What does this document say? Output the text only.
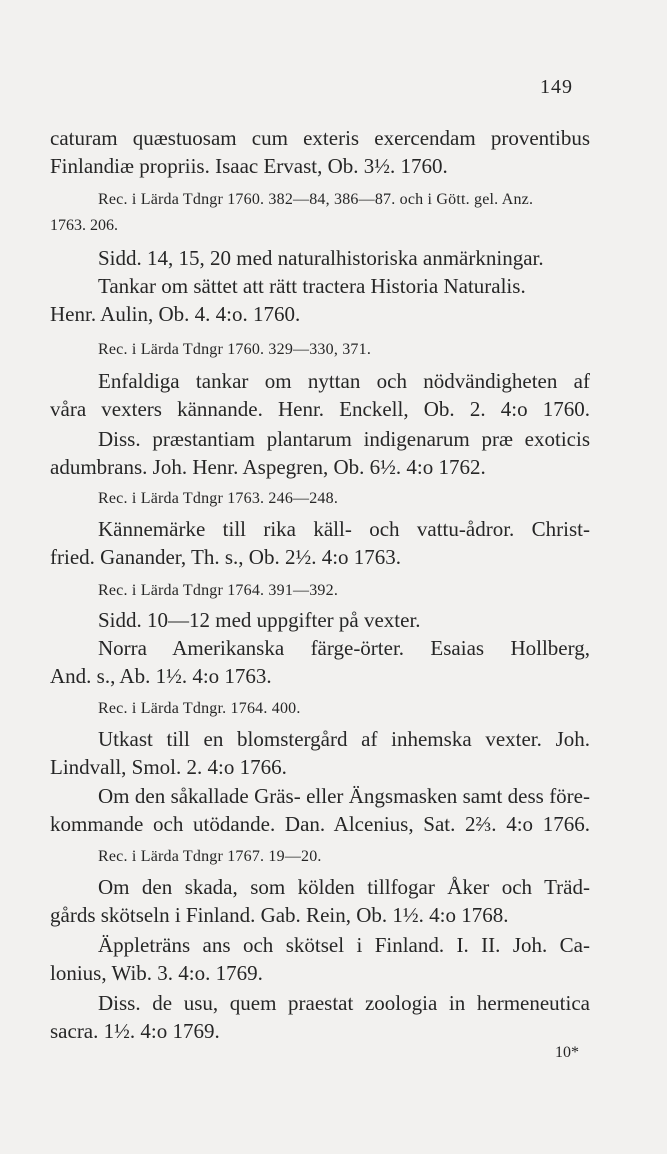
149
caturam quæstuosam cum exteris exercendam proventibus
Finlandiæ propriis. Isaac Ervast, Ob. 3½. 1760.
Rec. i Lärda Tdngr 1760. 382—84, 386—87. och i Gött. gel. Anz.
1763. 206.
Sidd. 14, 15, 20 med naturalhistoriska anmärkningar.
Tankar om sättet att rätt tractera Historia Naturalis.
Henr. Aulin, Ob. 4. 4:o. 1760.
Rec. i Lärda Tdngr 1760. 329—330, 371.
Enfaldiga tankar om nyttan och nödvändigheten af
våra vexters kännande. Henr. Enckell, Ob. 2. 4:o 1760.
Diss. præstantiam plantarum indigenarum præ exoticis
adumbrans. Joh. Henr. Aspegren, Ob. 6½. 4:o 1762.
Rec. i Lärda Tdngr 1763. 246—248.
Kännemärke till rika käll- och vattu-ådror. Christ-
fried. Ganander, Th. s., Ob. 2½. 4:o 1763.
Rec. i Lärda Tdngr 1764. 391—392.
Sidd. 10—12 med uppgifter på vexter.
Norra Amerikanska färge-örter. Esaias Hollberg,
And. s., Ab. 1½. 4:o 1763.
Rec. i Lärda Tdngr. 1764. 400.
Utkast till en blomstergård af inhemska vexter. Joh.
Lindvall, Smol. 2. 4:o 1766.
Om den såkallade Gräs- eller Ängsmasken samt dess före-
kommande och utödande. Dan. Alcenius, Sat. 2⅔. 4:o 1766.
Rec. i Lärda Tdngr 1767. 19—20.
Om den skada, som kölden tillfogar Åker och Träd-
gårds skötseln i Finland. Gab. Rein, Ob. 1½. 4:o 1768.
Äppleträns ans och skötsel i Finland. I. II. Joh. Ca-
lonius, Wib. 3. 4:o. 1769.
Diss. de usu, quem praestat zoologia in hermeneutica
sacra. 1½. 4:o 1769.
10*
